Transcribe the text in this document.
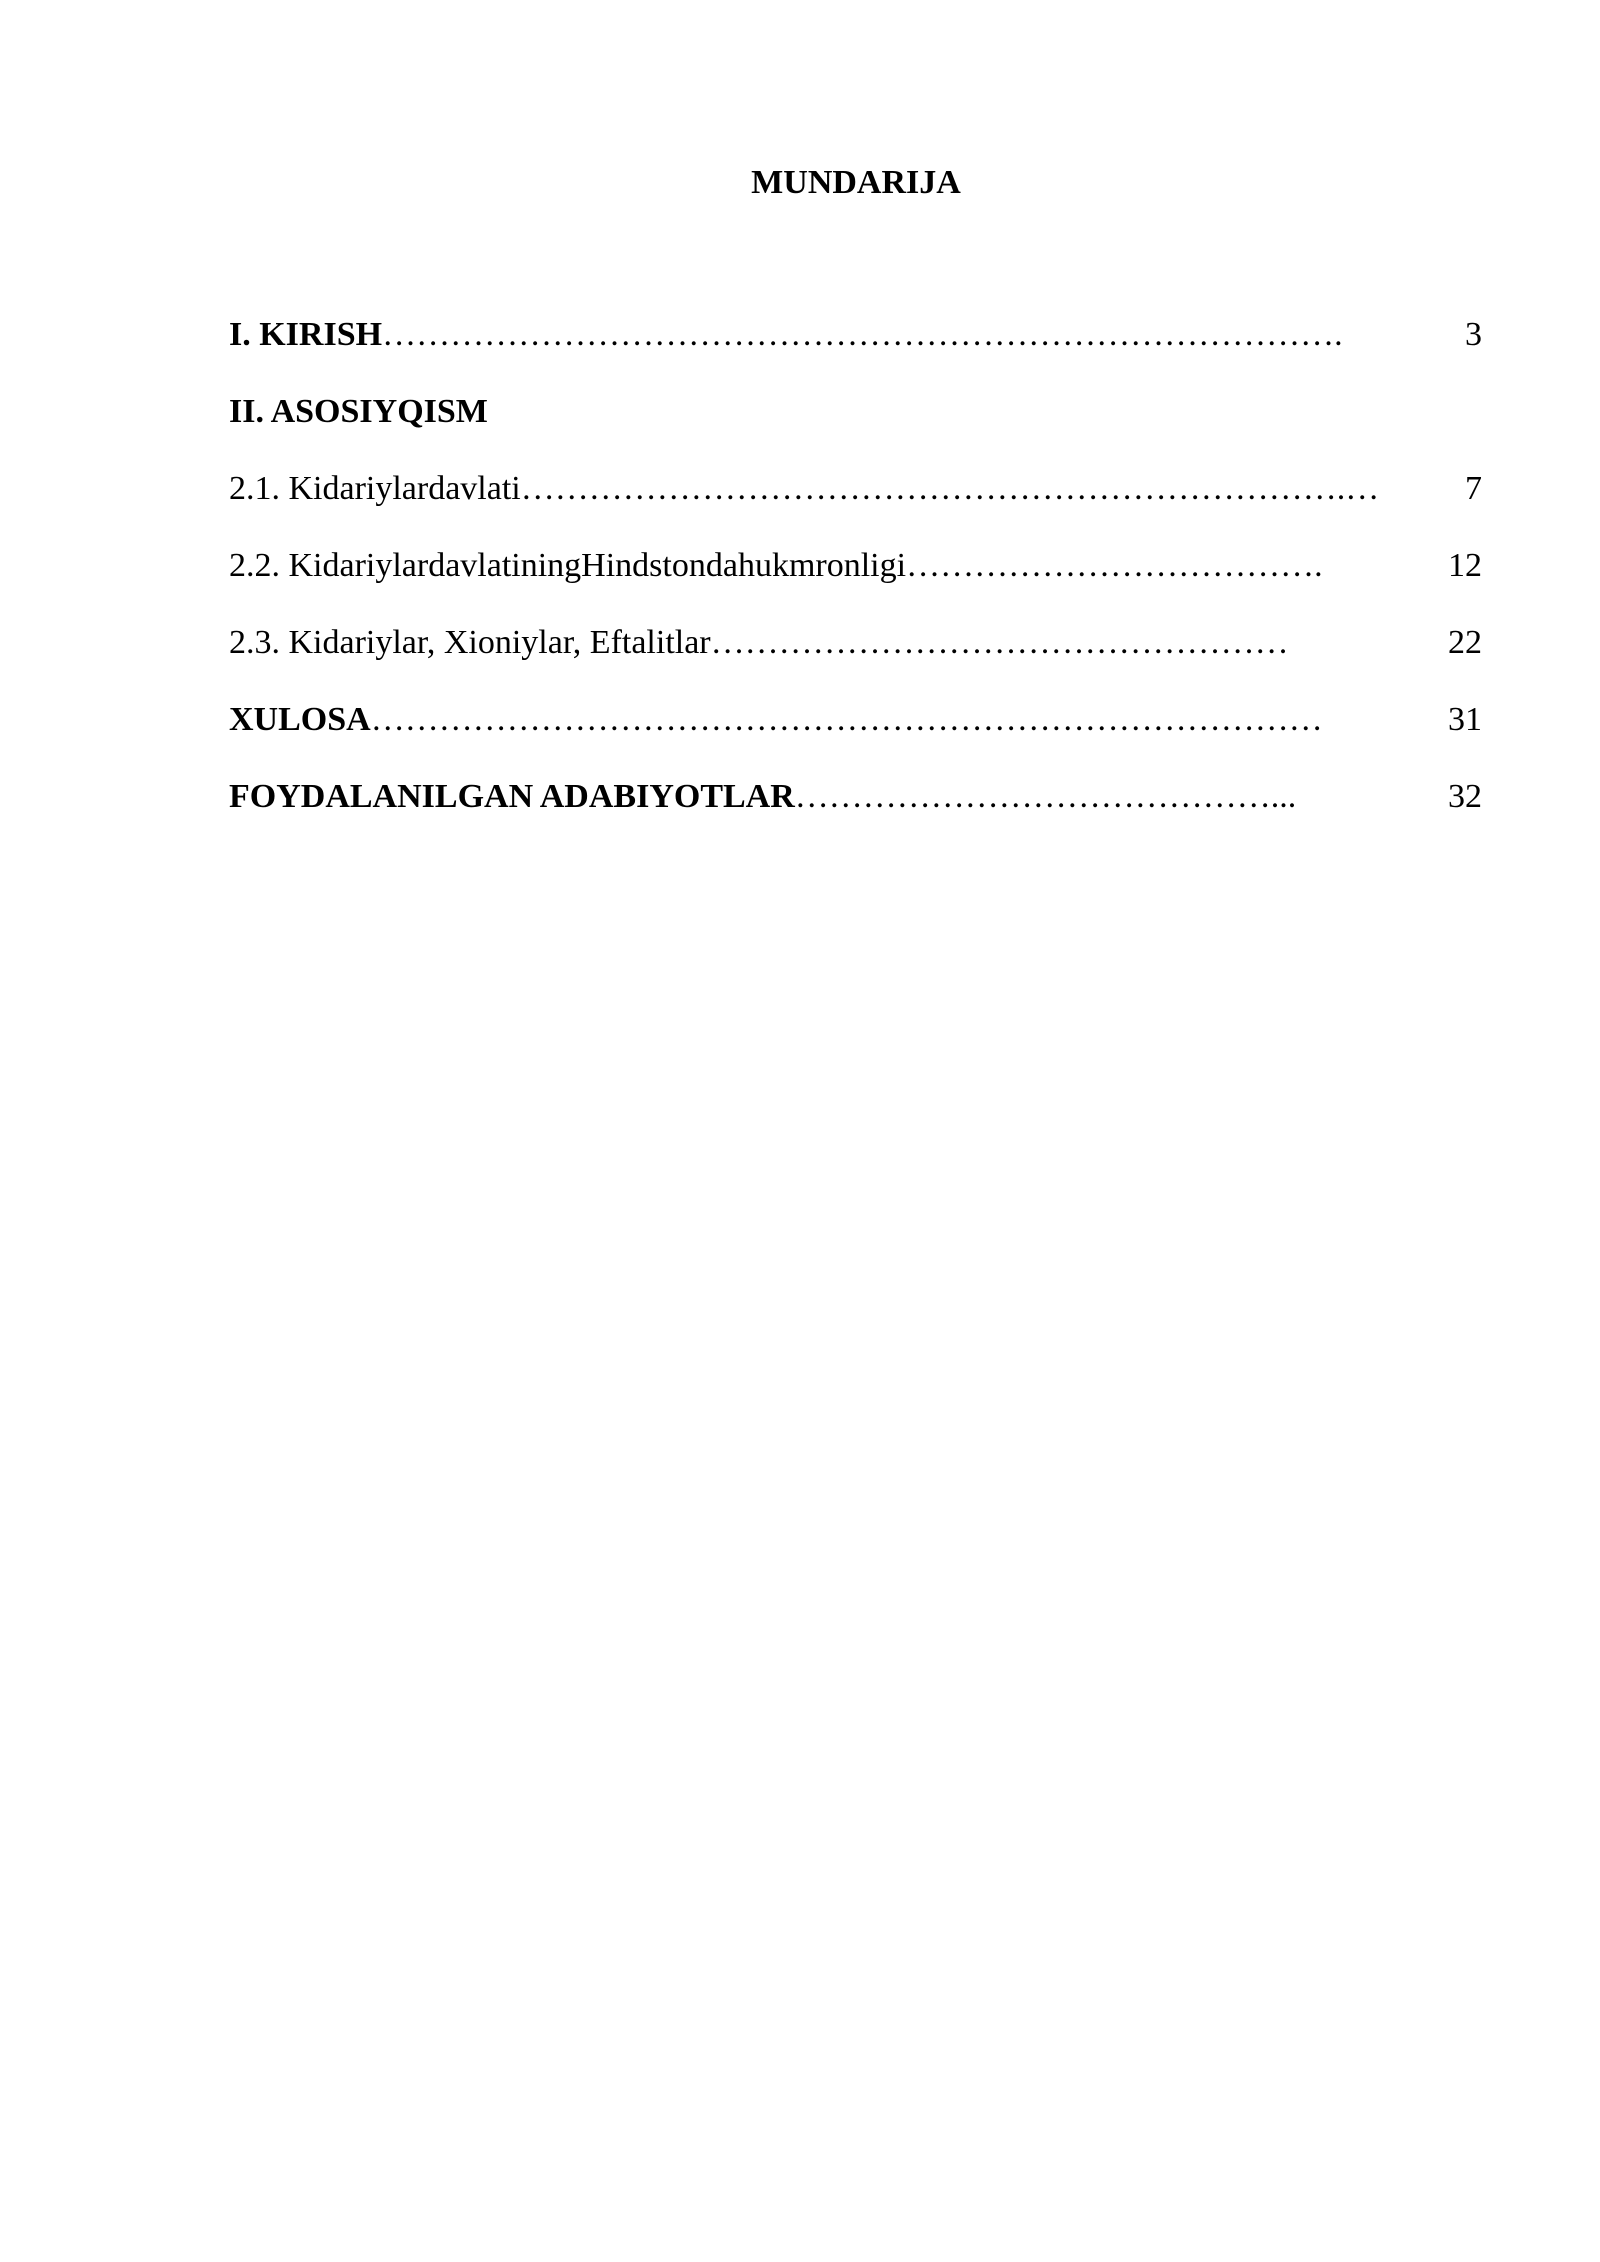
MUNDARIJA
I. KIRISH ………………………………………………………………………….	3
II. ASOSIYQISM
2.1. Kidariylardavlati ……………………………………………………………….…	7
2.2. KidariylardavlatiningHindstondahukmronligi ……………………………….	12
2.3. Kidariylar, Xioniylar, Eftalitlar ……………………………………………	22
XULOSA …………………………………………………………………………	31
FOYDALANILGAN ADABIYOTLAR ……………………………………...	32
